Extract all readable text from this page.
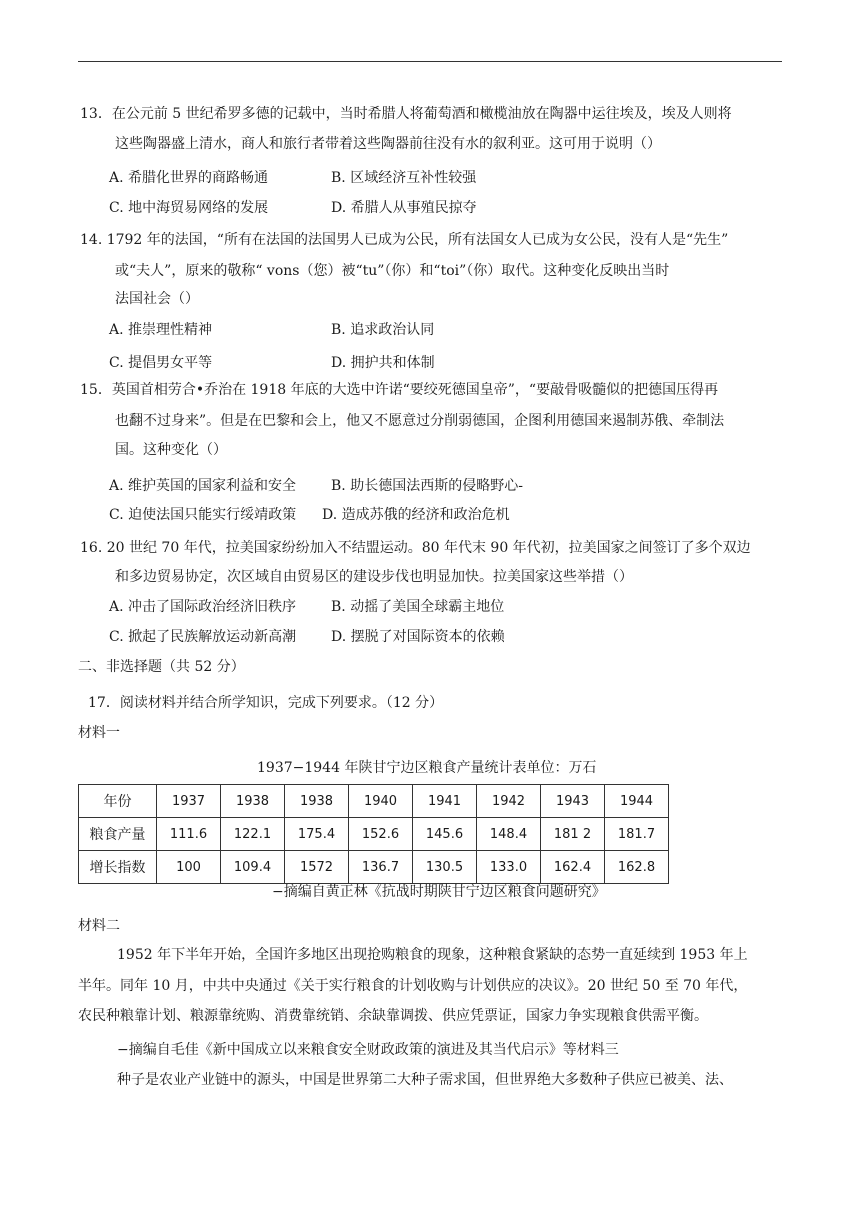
13．在公元前 5 世纪希罗多德的记载中，当时希腊人将葡萄酒和橄榄油放在陶器中运往埃及，埃及人则将
这些陶器盛上清水，商人和旅行者带着这些陶器前往没有水的叙利亚。这可用于说明（）
A. 希腊化世界的商路畅通	B. 区域经济互补性较强
C. 地中海贸易网络的发展	D. 希腊人从事殖民掠夺
14. 1792 年的法国，“所有在法国的法国男人已成为公民，所有法国女人已成为女公民，没有人是“先生”
或“夫人”，原来的敬称“ vons（您）被“tu”（你）和“toi”（你）取代。这种变化反映出当时
法国社会（）
A. 推崇理性精神	B. 追求政治认同
C. 提倡男女平等	D. 拥护共和体制
15．英国首相劳合•乔治在 1918 年底的大选中许诺“要绞死德国皇帝”，“要敲骨吸髓似的把德国压得再
也翻不过身来”。但是在巴黎和会上，他又不愿意过分削弱德国，企图利用德国来遏制苏俄、牵制法
国。这种变化（）
A. 维护英国的国家利益和安全 B. 助长德国法西斯的侵略野心-
C. 迫使法国只能实行绥靖政策 D. 造成苏俄的经济和政治危机
16. 20 世纪 70 年代，拉美国家纷纷加入不结盟运动。80 年代末 90 年代初，拉美国家之间签订了多个双边
和多边贸易协定，次区域自由贸易区的建设步伐也明显加快。拉美国家这些举措（）
A. 冲击了国际政治经济旧秩序 B. 动摇了美国全球霸主地位
C. 掀起了民族解放运动新高潮 D. 摆脱了对国际资本的依赖
二、非选择题（共 52 分）
17．阅读材料并结合所学知识，完成下列要求。（12 分）
材料一
1937−1944 年陕甘宁边区粮食产量统计表单位：万石
年份	1937	1938	1938	1940	1941	1942	1943	1944
粮食产量	111.6	122.1	175.4	152.6	145.6	148.4	181 2	181.7
增长指数	100	109.4	1572	136.7	130.5	133.0	162.4	162.8
−摘编自黄正林《抗战时期陕甘宁边区粮食问题研究》
材料二
1952 年下半年开始，全国许多地区出现抢购粮食的现象，这种粮食紧缺的态势一直延续到 1953 年上
半年。同年 10 月，中共中央通过《关于实行粮食的计划收购与计划供应的决议》。20 世纪 50 至 70 年代，
农民种粮靠计划、粮源靠统购、消费靠统销、余缺靠调拨、供应凭票证，国家力争实现粮食供需平衡。
−摘编自毛佳《新中国成立以来粮食安全财政政策的演进及其当代启示》等材料三
种子是农业产业链中的源头，中国是世界第二大种子需求国，但世界绝大多数种子供应已被美、法、
